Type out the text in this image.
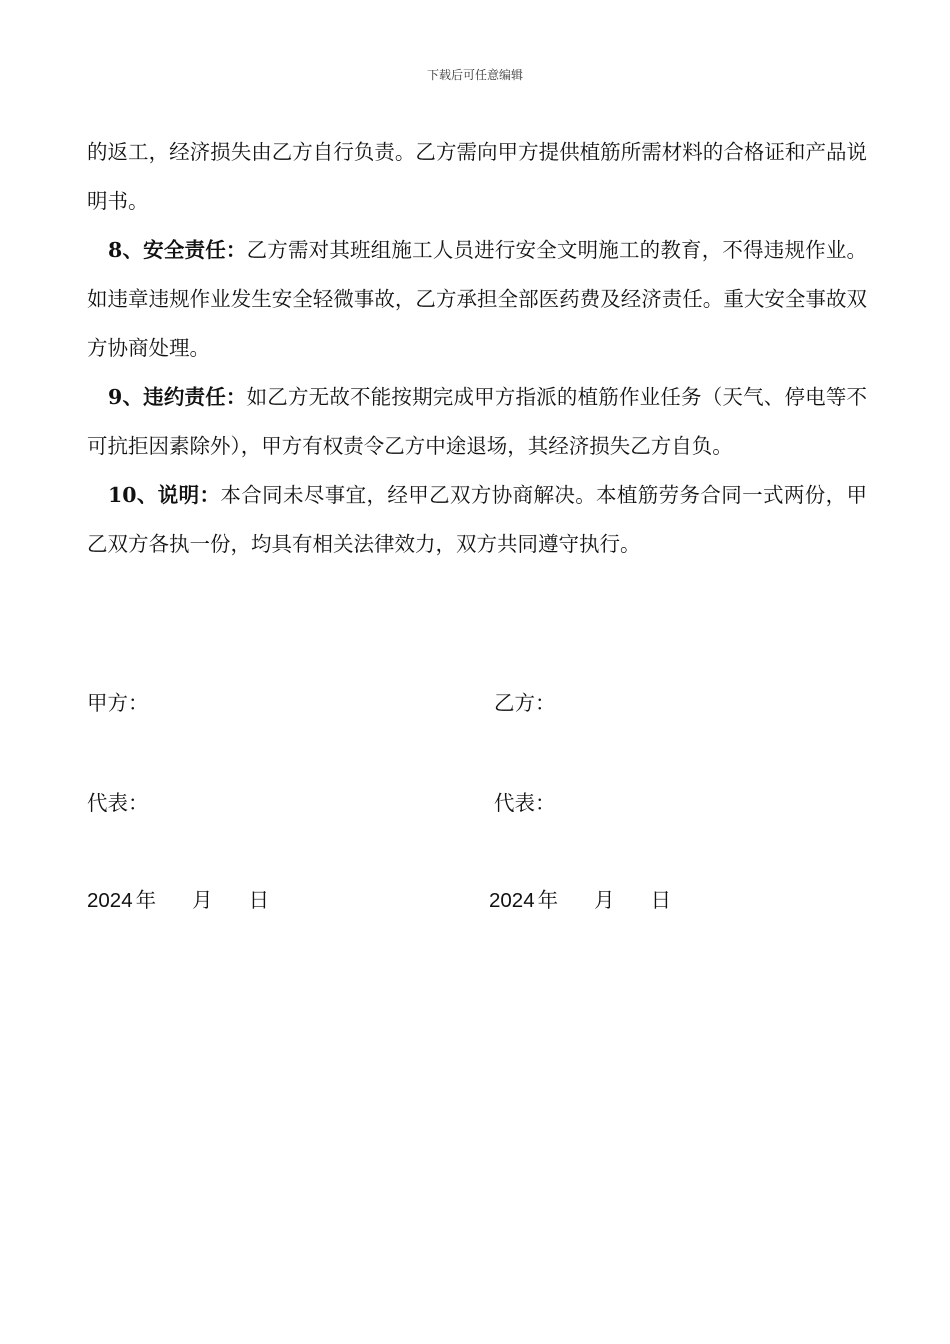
下载后可任意编辑

的返工，经济损失由乙方自行负责。乙方需向甲方提供植筋所需材料的合格证和产品说明书。

8、安全责任：乙方需对其班组施工人员进行安全文明施工的教育，不得违规作业。如违章违规作业发生安全轻微事故，乙方承担全部医药费及经济责任。重大安全事故双方协商处理。

9、违约责任：如乙方无故不能按期完成甲方指派的植筋作业任务（天气、停电等不可抗拒因素除外），甲方有权责令乙方中途退场，其经济损失乙方自负。

10、说明：本合同未尽事宜，经甲乙双方协商解决。本植筋劳务合同一式两份，甲乙双方各执一份，均具有相关法律效力，双方共同遵守执行。

甲方：	乙方：
代表：	代表：
2024 年 月 日	2024 年 月 日
